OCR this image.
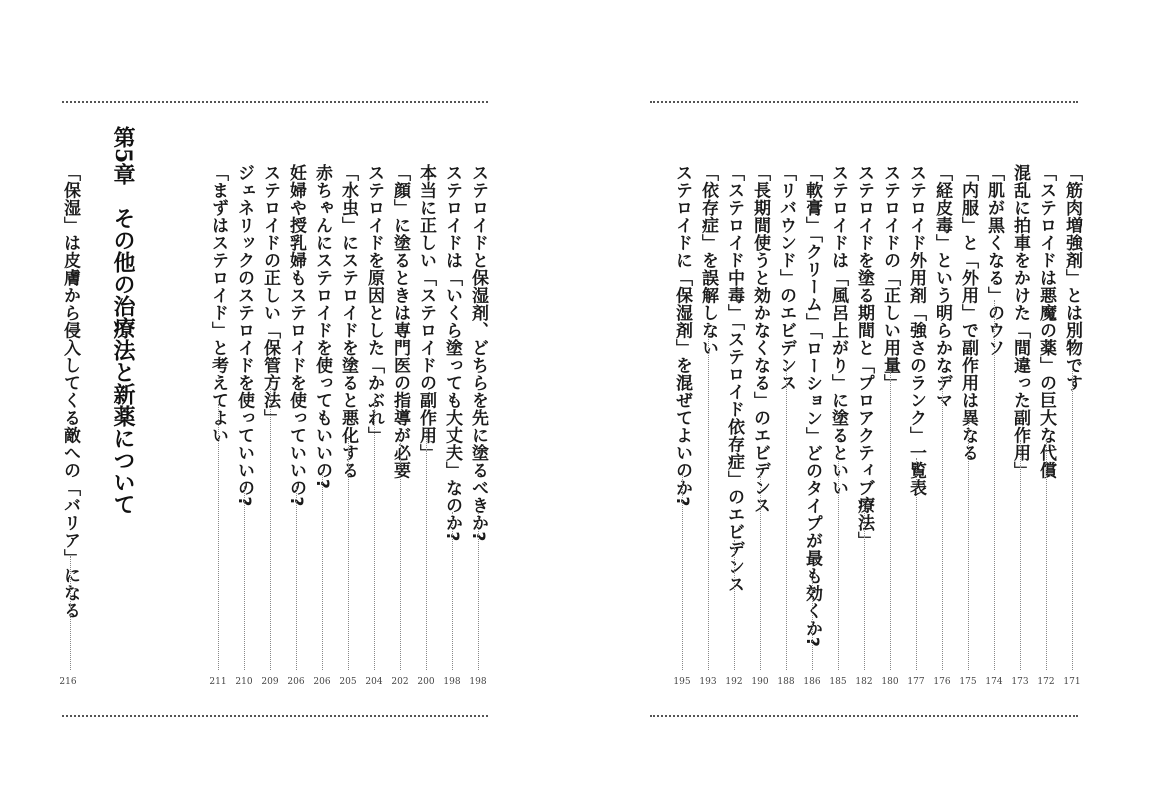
ステロイドと保湿剤、どちらを先に塗るべきか?
198
ステロイドは「いくら塗っても大丈夫」なのか?
198
本当に正しい「ステロイドの副作用」
200
「顔」に塗るときは専門医の指導が必要
202
ステロイドを原因とした「かぶれ」
204
「水虫」にステロイドを塗ると悪化する
205
赤ちゃんにステロイドを使ってもいいの?
206
妊婦や授乳婦もステロイドを使っていいの?
206
ステロイドの正しい「保管方法」
209
ジェネリックのステロイドを使っていいの?
210
「まずはステロイド」と考えてよい
211
第5章　その他の治療法と新薬について
「保湿」は皮膚から侵入してくる敵への「バリア」になる
216
「筋肉増強剤」とは別物です
171
「ステロイドは悪魔の薬」の巨大な代償
172
混乱に拍車をかけた「間違った副作用」
173
「肌が黒くなる」のウソ
174
「内服」と「外用」で副作用は異なる
175
「経皮毒」という明らかなデマ
176
ステロイド外用剤「強さのランク」一覧表
177
ステロイドの「正しい用量」
180
ステロイドを塗る期間と「プロアクティブ療法」
182
ステロイドは「風呂上がり」に塗るといい
185
「軟膏」「クリーム」「ローション」どのタイプが最も効くか?
186
「リバウンド」のエビデンス
188
「長期間使うと効かなくなる」のエビデンス
190
「ステロイド中毒」「ステロイド依存症」のエビデンス
192
「依存症」を誤解しない
193
ステロイドに「保湿剤」を混ぜてよいのか?
195
